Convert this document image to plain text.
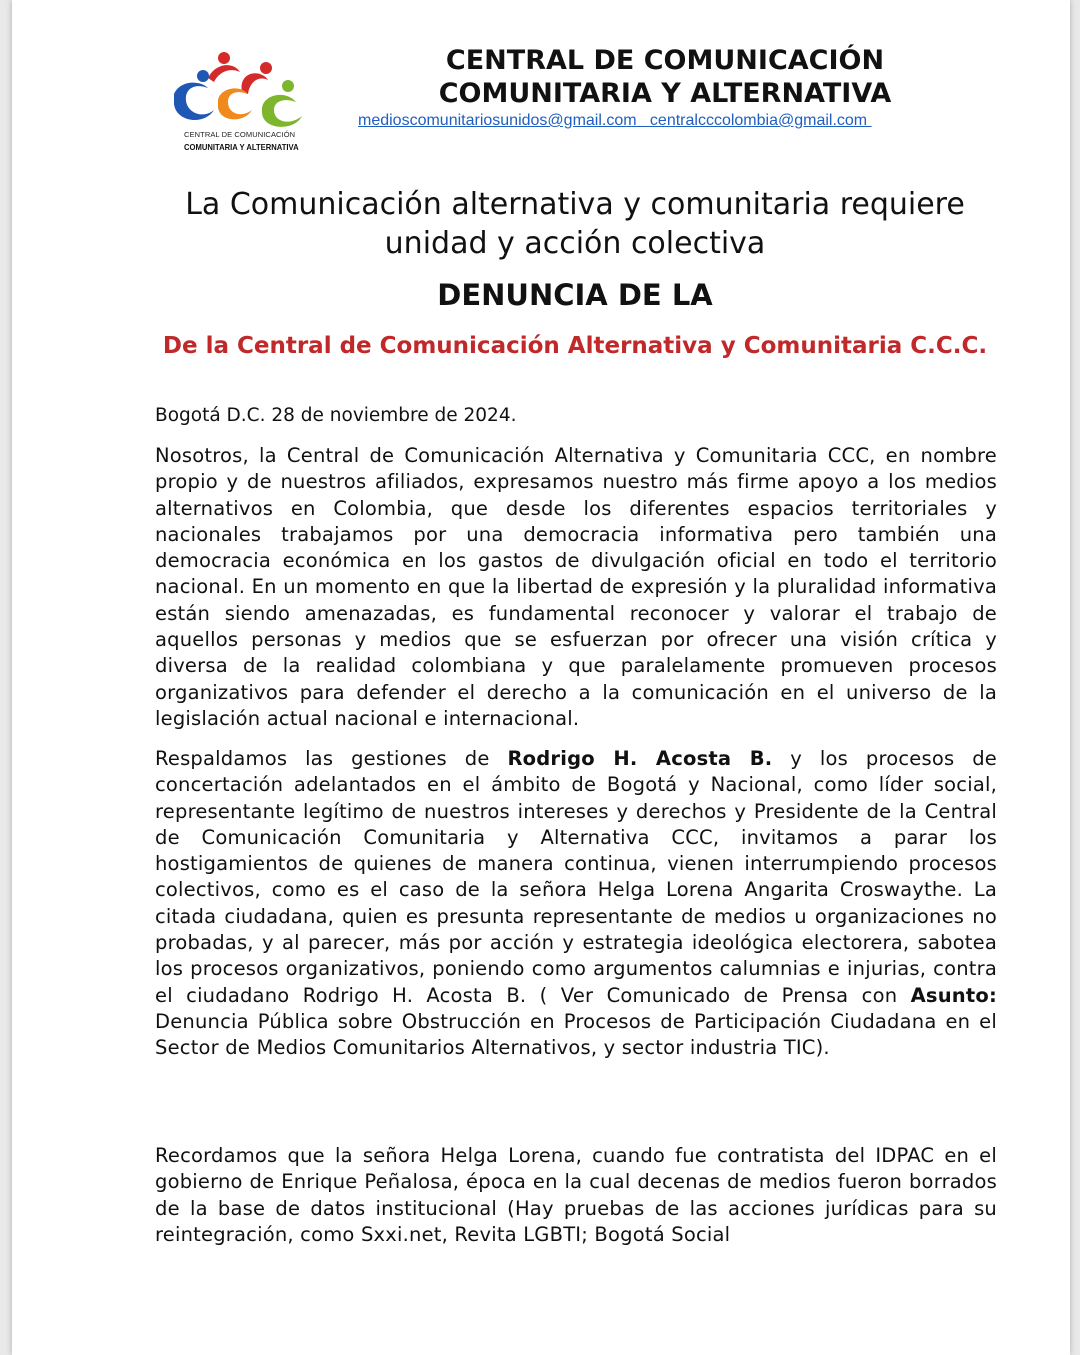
CENTRAL DE COMUNICACIÓN
COMUNITARIA Y ALTERNATIVA
CENTRAL DE COMUNICACIÓN
COMUNITARIA Y ALTERNATIVA
medioscomunitariosunidos@gmail.com   centralcccolombia@gmail.com
La Comunicación alternativa y comunitaria requiere unidad y acción colectiva
DENUNCIA DE LA
De la Central de Comunicación Alternativa y Comunitaria C.C.C.
Bogotá D.C. 28 de noviembre de 2024.
Nosotros, la Central de Comunicación Alternativa y Comunitaria CCC, en nombre propio y de nuestros afiliados, expresamos nuestro más firme apoyo a los medios alternativos en Colombia, que desde los diferentes espacios territoriales y nacionales trabajamos por una democracia informativa pero también una democracia económica en los gastos de divulgación oficial en todo el territorio nacional. En un momento en que la libertad de expresión y la pluralidad informativa están siendo amenazadas, es fundamental reconocer y valorar el trabajo de aquellos personas y medios que se esfuerzan por ofrecer una visión crítica y diversa de la realidad colombiana y que paralelamente promueven procesos organizativos para defender el derecho a la comunicación en el universo de la legislación actual nacional e internacional.
Respaldamos las gestiones de Rodrigo H. Acosta B. y los procesos de concertación adelantados en el ámbito de Bogotá y Nacional, como líder social, representante legítimo de nuestros intereses y derechos y Presidente de la Central de Comunicación Comunitaria y Alternativa CCC, invitamos a parar los hostigamientos de quienes de manera continua, vienen interrumpiendo procesos colectivos, como es el caso de la señora Helga Lorena Angarita Croswaythe. La citada ciudadana, quien es presunta representante de medios u organizaciones no probadas, y al parecer, más por acción y estrategia ideológica electorera, sabotea los procesos organizativos, poniendo como argumentos calumnias e injurias, contra el ciudadano Rodrigo H. Acosta B. ( Ver Comunicado de Prensa con Asunto: Denuncia Pública sobre Obstrucción en Procesos de Participación Ciudadana en el Sector de Medios Comunitarios Alternativos, y sector industria TIC).
Recordamos que la señora Helga Lorena, cuando fue contratista del IDPAC en el gobierno de Enrique Peñalosa, época en la cual decenas de medios fueron borrados de la base de datos institucional (Hay pruebas de las acciones jurídicas para su reintegración, como Sxxi.net, Revita LGBTI; Bogotá Social
